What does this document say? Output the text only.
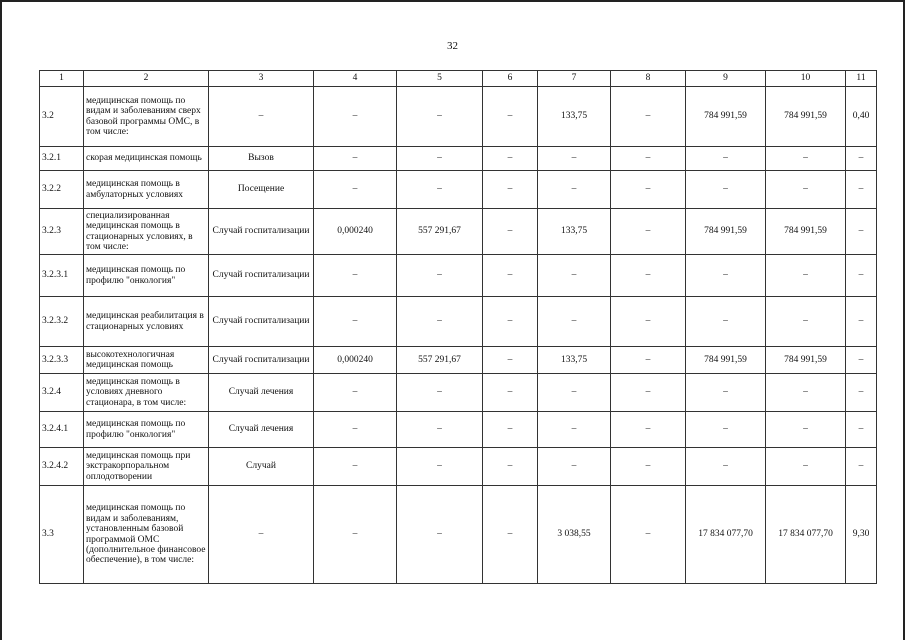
32
1	2	3	4	5	6	7	8	9	10	11
3.2	медицинская помощь по видам и заболеваниям сверх базовой программы ОМС, в том числе:	–	–	–	–	133,75	–	784 991,59	784 991,59	0,40
3.2.1	скорая медицинская помощь	Вызов	–	–	–	–	–	–	–	–
3.2.2	медицинская помощь в амбулаторных условиях	Посещение	–	–	–	–	–	–	–	–
3.2.3	специализированная медицинская помощь в стационарных условиях, в том числе:	Случай госпитализации	0,000240	557 291,67	–	133,75	–	784 991,59	784 991,59	–
3.2.3.1	медицинская помощь по профилю "онкология"	Случай госпитализации	–	–	–	–	–	–	–	–
3.2.3.2	медицинская реабилитация в стационарных условиях	Случай госпитализации	–	–	–	–	–	–	–	–
3.2.3.3	высокотехнологичная медицинская помощь	Случай госпитализации	0,000240	557 291,67	–	133,75	–	784 991,59	784 991,59	–
3.2.4	медицинская помощь в условиях дневного стационара, в том числе:	Случай лечения	–	–	–	–	–	–	–	–
3.2.4.1	медицинская помощь по профилю "онкология"	Случай лечения	–	–	–	–	–	–	–	–
3.2.4.2	медицинская помощь при экстракорпоральном оплодотворении	Случай	–	–	–	–	–	–	–	–
3.3	медицинская помощь по видам и заболеваниям, установленным базовой программой ОМС (дополнительное финансовое обеспечение), в том числе:	–	–	–	–	3 038,55	–	17 834 077,70	17 834 077,70	9,30
